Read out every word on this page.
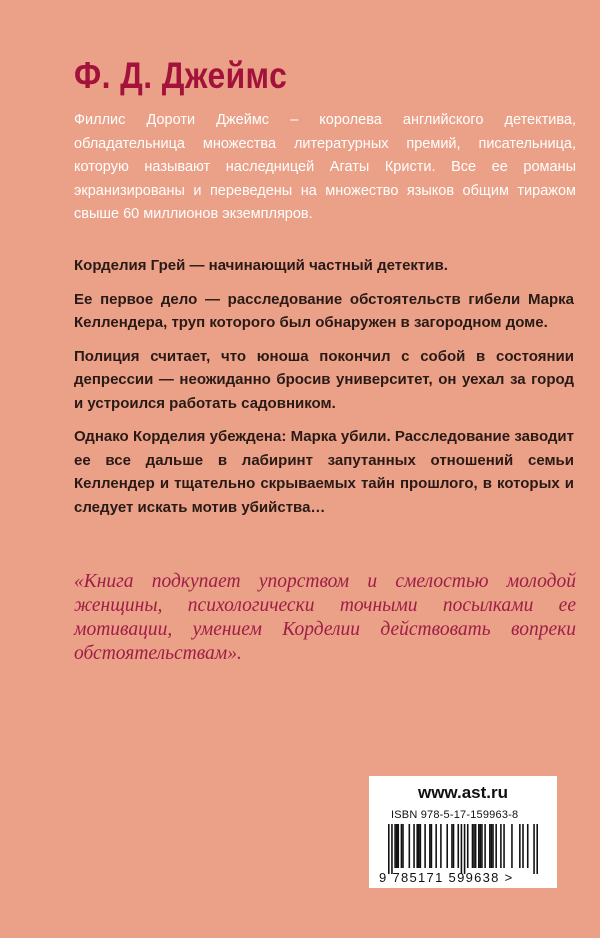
Ф. Д. Джеймс
Филлис Дороти Джеймс – королева английского детектива, обладательница множества литературных премий, писательница, которую называют наследницей Агаты Кристи. Все ее романы экранизированы и переведены на множество языков общим тиражом свыше 60 миллионов экземпляров.

Корделия Грей — начинающий частный детектив.

Ее первое дело — расследование обстоятельств гибели Марка Келлендера, труп которого был обнаружен в загородном доме.

Полиция считает, что юноша покончил с собой в состоянии депрессии — неожиданно бросив университет, он уехал за город и устроился работать садовником.

Однако Корделия убеждена: Марка убили. Расследование заводит ее все дальше в лабиринт запутанных отношений семьи Келлендер и тщательно скрываемых тайн прошлого, в которых и следует искать мотив убийства…

«Книга подкупает упорством и смелостью молодой женщины, психологически точными посылками ее мотивации, умением Корделии действовать вопреки обстоятельствам».
www.ast.ru
ISBN 978-5-17-159963-8
9 785171 599638 >
